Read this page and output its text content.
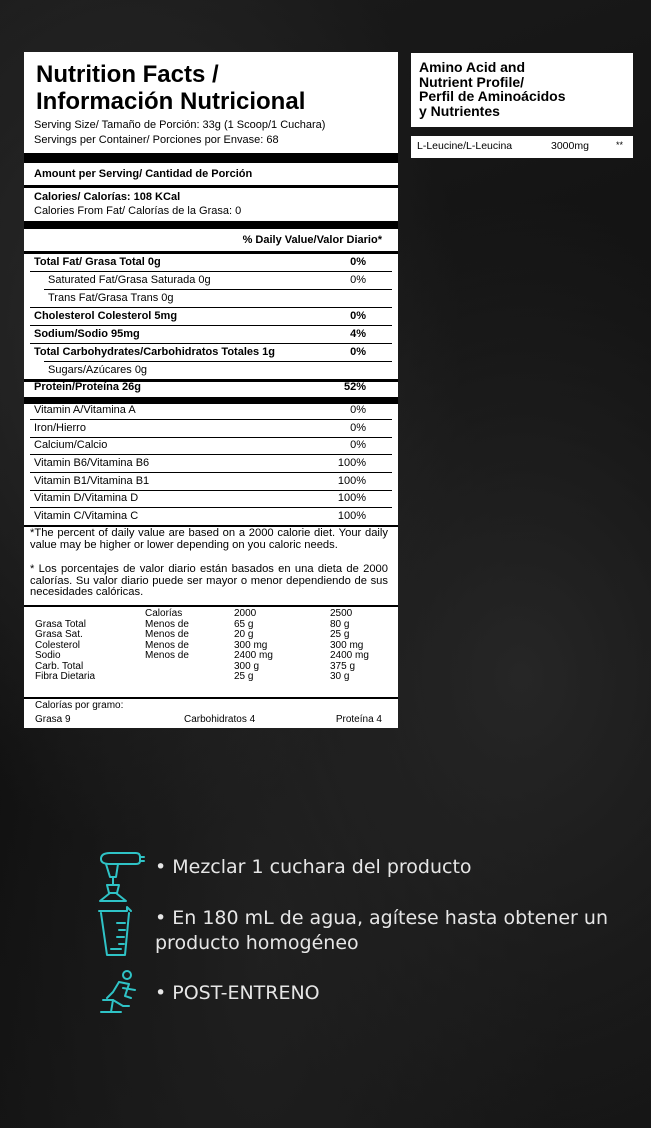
Nutrition Facts /
Información Nutricional
Serving Size/ Tamaño de Porción: 33g (1 Scoop/1 Cuchara)
Servings per Container/ Porciones por Envase: 68
Amount per Serving/ Cantidad de Porción
Calories/ Calorías: 108 KCal
Calories From Fat/ Calorías de la Grasa: 0
% Daily Value/Valor Diario*
Total Fat/ Grasa Total 0g	0%
Saturated Fat/Grasa Saturada 0g	0%
Trans Fat/Grasa Trans 0g
Cholesterol Colesterol 5mg	0%
Sodium/Sodio 95mg	4%
Total Carbohydrates/Carbohidratos Totales 1g	0%
Sugars/Azúcares 0g
Protein/Proteína 26g	52%
Vitamin A/Vitamina A	0%
Iron/Hierro	0%
Calcium/Calcio	0%
Vitamin B6/Vitamina B6	100%
Vitamin B1/Vitamina B1	100%
Vitamin D/Vitamina D	100%
Vitamin C/Vitamina C	100%
*The percent of daily value are based on a 2000 calorie diet. Your daily value may be higher or lower depending on you caloric needs.
* Los porcentajes de valor diario están basados en una dieta de 2000 calorías. Su valor diario puede ser mayor o menor dependiendo de sus necesidades calóricas.
	Calorías	2000	2500
Grasa Total	Menos de	65 g	80 g
Grasa Sat.	Menos de	20 g	25 g
Colesterol	Menos de	300 mg	300 mg
Sodio	Menos de	2400 mg	2400 mg
Carb. Total		300 g	375 g
Fibra Dietaria		25 g	30 g
Calorías por gramo:
Grasa 9	Carbohidratos 4	Proteína 4
Amino Acid and
Nutrient Profile/
Perfil de Aminoácidos
y Nutrientes
L-Leucine/L-Leucina	3000mg	**
• Mezclar 1 cuchara del producto
• En 180 mL de agua, agítese hasta obtener un producto homogéneo
• POST-ENTRENO
